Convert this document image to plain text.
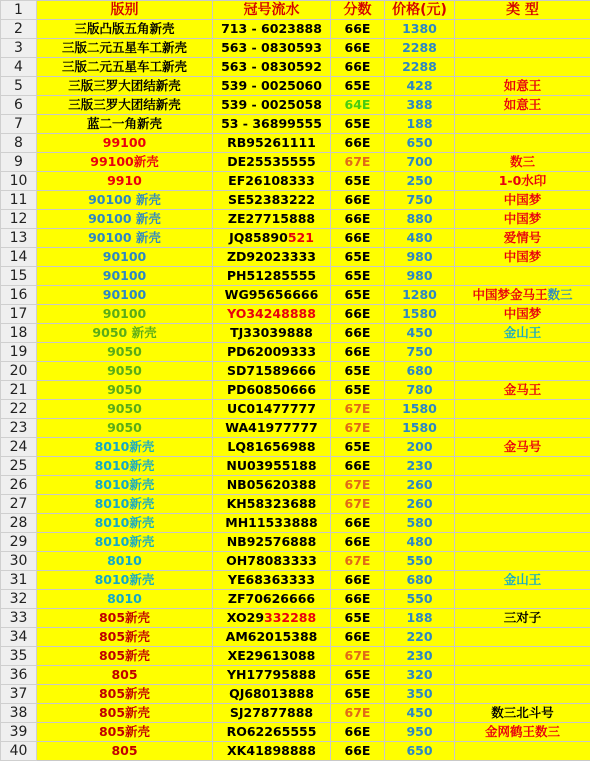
1	版别	冠号流水	分数	价格(元)	类 型
2	三版凸版五角新壳	713 - 6023888	66E	1380	
3	三版二元五星车工新壳	563 - 0830593	66E	2288	
4	三版二元五星车工新壳	563 - 0830592	66E	2288	
5	三版三罗大团结新壳	539 - 0025060	65E	428	如意王
6	三版三罗大团结新壳	539 - 0025058	64E	388	如意王
7	蓝二一角新壳	53 - 36899555	65E	188	
8	99100	RB95261111	66E	650	
9	99100新壳	DE25535555	67E	700	数三
10	9910	EF26108333	65E	250	1-0水印
11	90100 新壳	SE52383222	66E	750	中国梦
12	90100 新壳	ZE27715888	66E	880	中国梦
13	90100 新壳	JQ85890521	66E	480	爱情号
14	90100	ZD92023333	65E	980	中国梦
15	90100	PH51285555	65E	980	
16	90100	WG95656666	65E	1280	中国梦金马王数三
17	90100	YO34248888	66E	1580	中国梦
18	9050 新壳	TJ33039888	66E	450	金山王
19	9050	PD62009333	66E	750	
20	9050	SD71589666	65E	680	
21	9050	PD60850666	65E	780	金马王
22	9050	UC01477777	67E	1580	
23	9050	WA41977777	67E	1580	
24	8010新壳	LQ81656988	65E	200	金马号
25	8010新壳	NU03955188	66E	230	
26	8010新壳	NB05620388	67E	260	
27	8010新壳	KH58323688	67E	260	
28	8010新壳	MH11533888	66E	580	
29	8010新壳	NB92576888	66E	480	
30	8010	OH78083333	67E	550	
31	8010新壳	YE68363333	66E	680	金山王
32	8010	ZF70626666	66E	550	
33	805新壳	XO29332288	65E	188	三对子
34	805新壳	AM62015388	66E	220	
35	805新壳	XE29613088	67E	230	
36	805	YH17795888	65E	320	
37	805新壳	QJ68013888	65E	350	
38	805新壳	SJ27877888	67E	450	数三北斗号
39	805新壳	RO62265555	66E	950	金网鹤王数三
40	805	XK41898888	66E	650	
